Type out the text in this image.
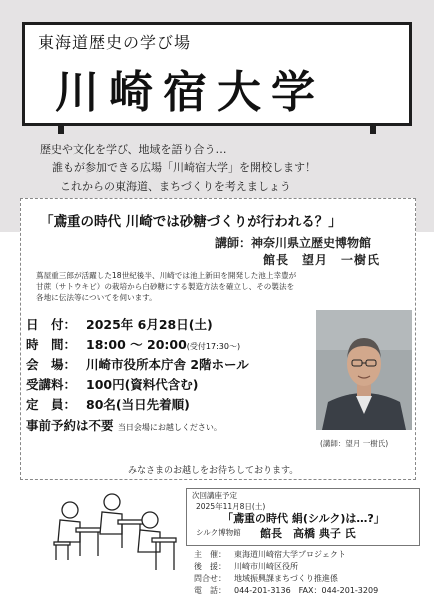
東海道歴史の学び場
川崎宿大学
歴史や文化を学び、地域を語り合う…
誰もが参加できる広場「川崎宿大学」を開校します！
これからの東海道、まちづくりを考えましょう
「鳶重の時代 川崎では砂糖づくりが行われる？」
講師：神奈川県立歴史博物館
館長　望月　一樹氏
蔦屋重三郎が活躍した18世紀後半、川崎では池上新田を開発した池上幸豊が
甘蔗（サトウキビ）の栽培から白砂糖にする製造方法を確立し、その製法を
各地に伝法等についてを伺います。
日　付： 2025年 6月28日(土)
時　間： 18:00 〜 20:00(受付17:30〜)
会　場： 川崎市役所本庁舎 2階ホール
受講料： 100円(資料代含む)
定　員： 80名(当日先着順)
事前予約は不要 当日会場にお越しください。
(講師：望月 一樹氏)
みなさまのお越しをお待ちしております。
次回講座予定
2025年11月8日(土)
「鳶重の時代 絹(シルク)は…?」
シルク博物館 館長　高橋 典子 氏
主　催： 東海道川崎宿大学プロジェクト
後　援： 川崎市川崎区役所
問合せ： 地域振興課まちづくり推進係
電　話： 044-201-3136　FAX：044-201-3209
